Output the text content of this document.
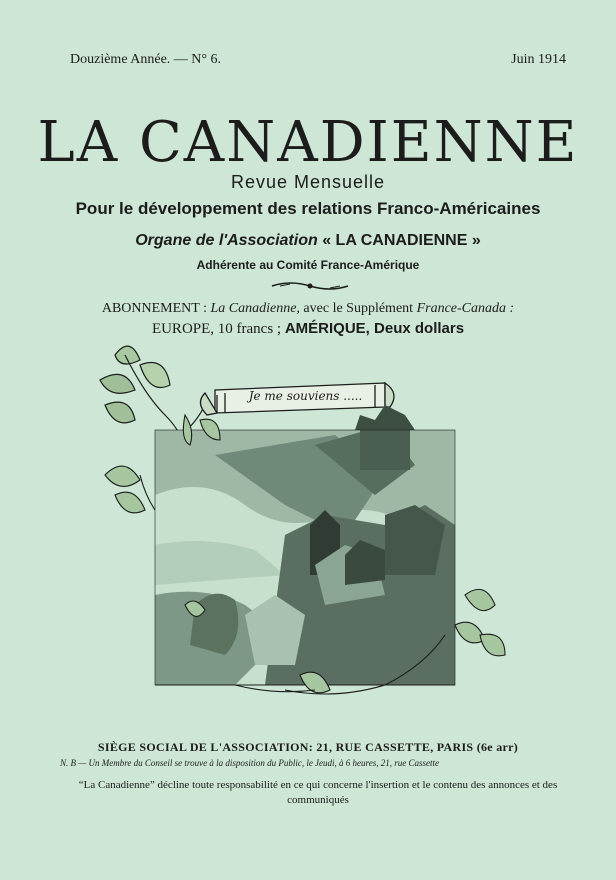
Douzième Année. — N° 6.	Juin 1914
LA CANADIENNE
Revue Mensuelle
Pour le développement des relations Franco-Américaines
Organe de l'Association « LA CANADIENNE »
Adhérente au Comité France-Amérique
ABONNEMENT : La Canadienne, avec le Supplément France-Canada :
EUROPE, 10 francs ; AMÉRIQUE, Deux dollars
Je me souviens .....
SIÈGE SOCIAL DE L'ASSOCIATION: 21, RUE CASSETTE, PARIS (6e arr)
N. B — Un Membre du Conseil se trouve à la disposition du Public, le Jeudi, à 6 heures, 21, rue Cassette
“La Canadienne” décline toute responsabilité en ce qui concerne l'insertion et le contenu des annonces et des communiqués
